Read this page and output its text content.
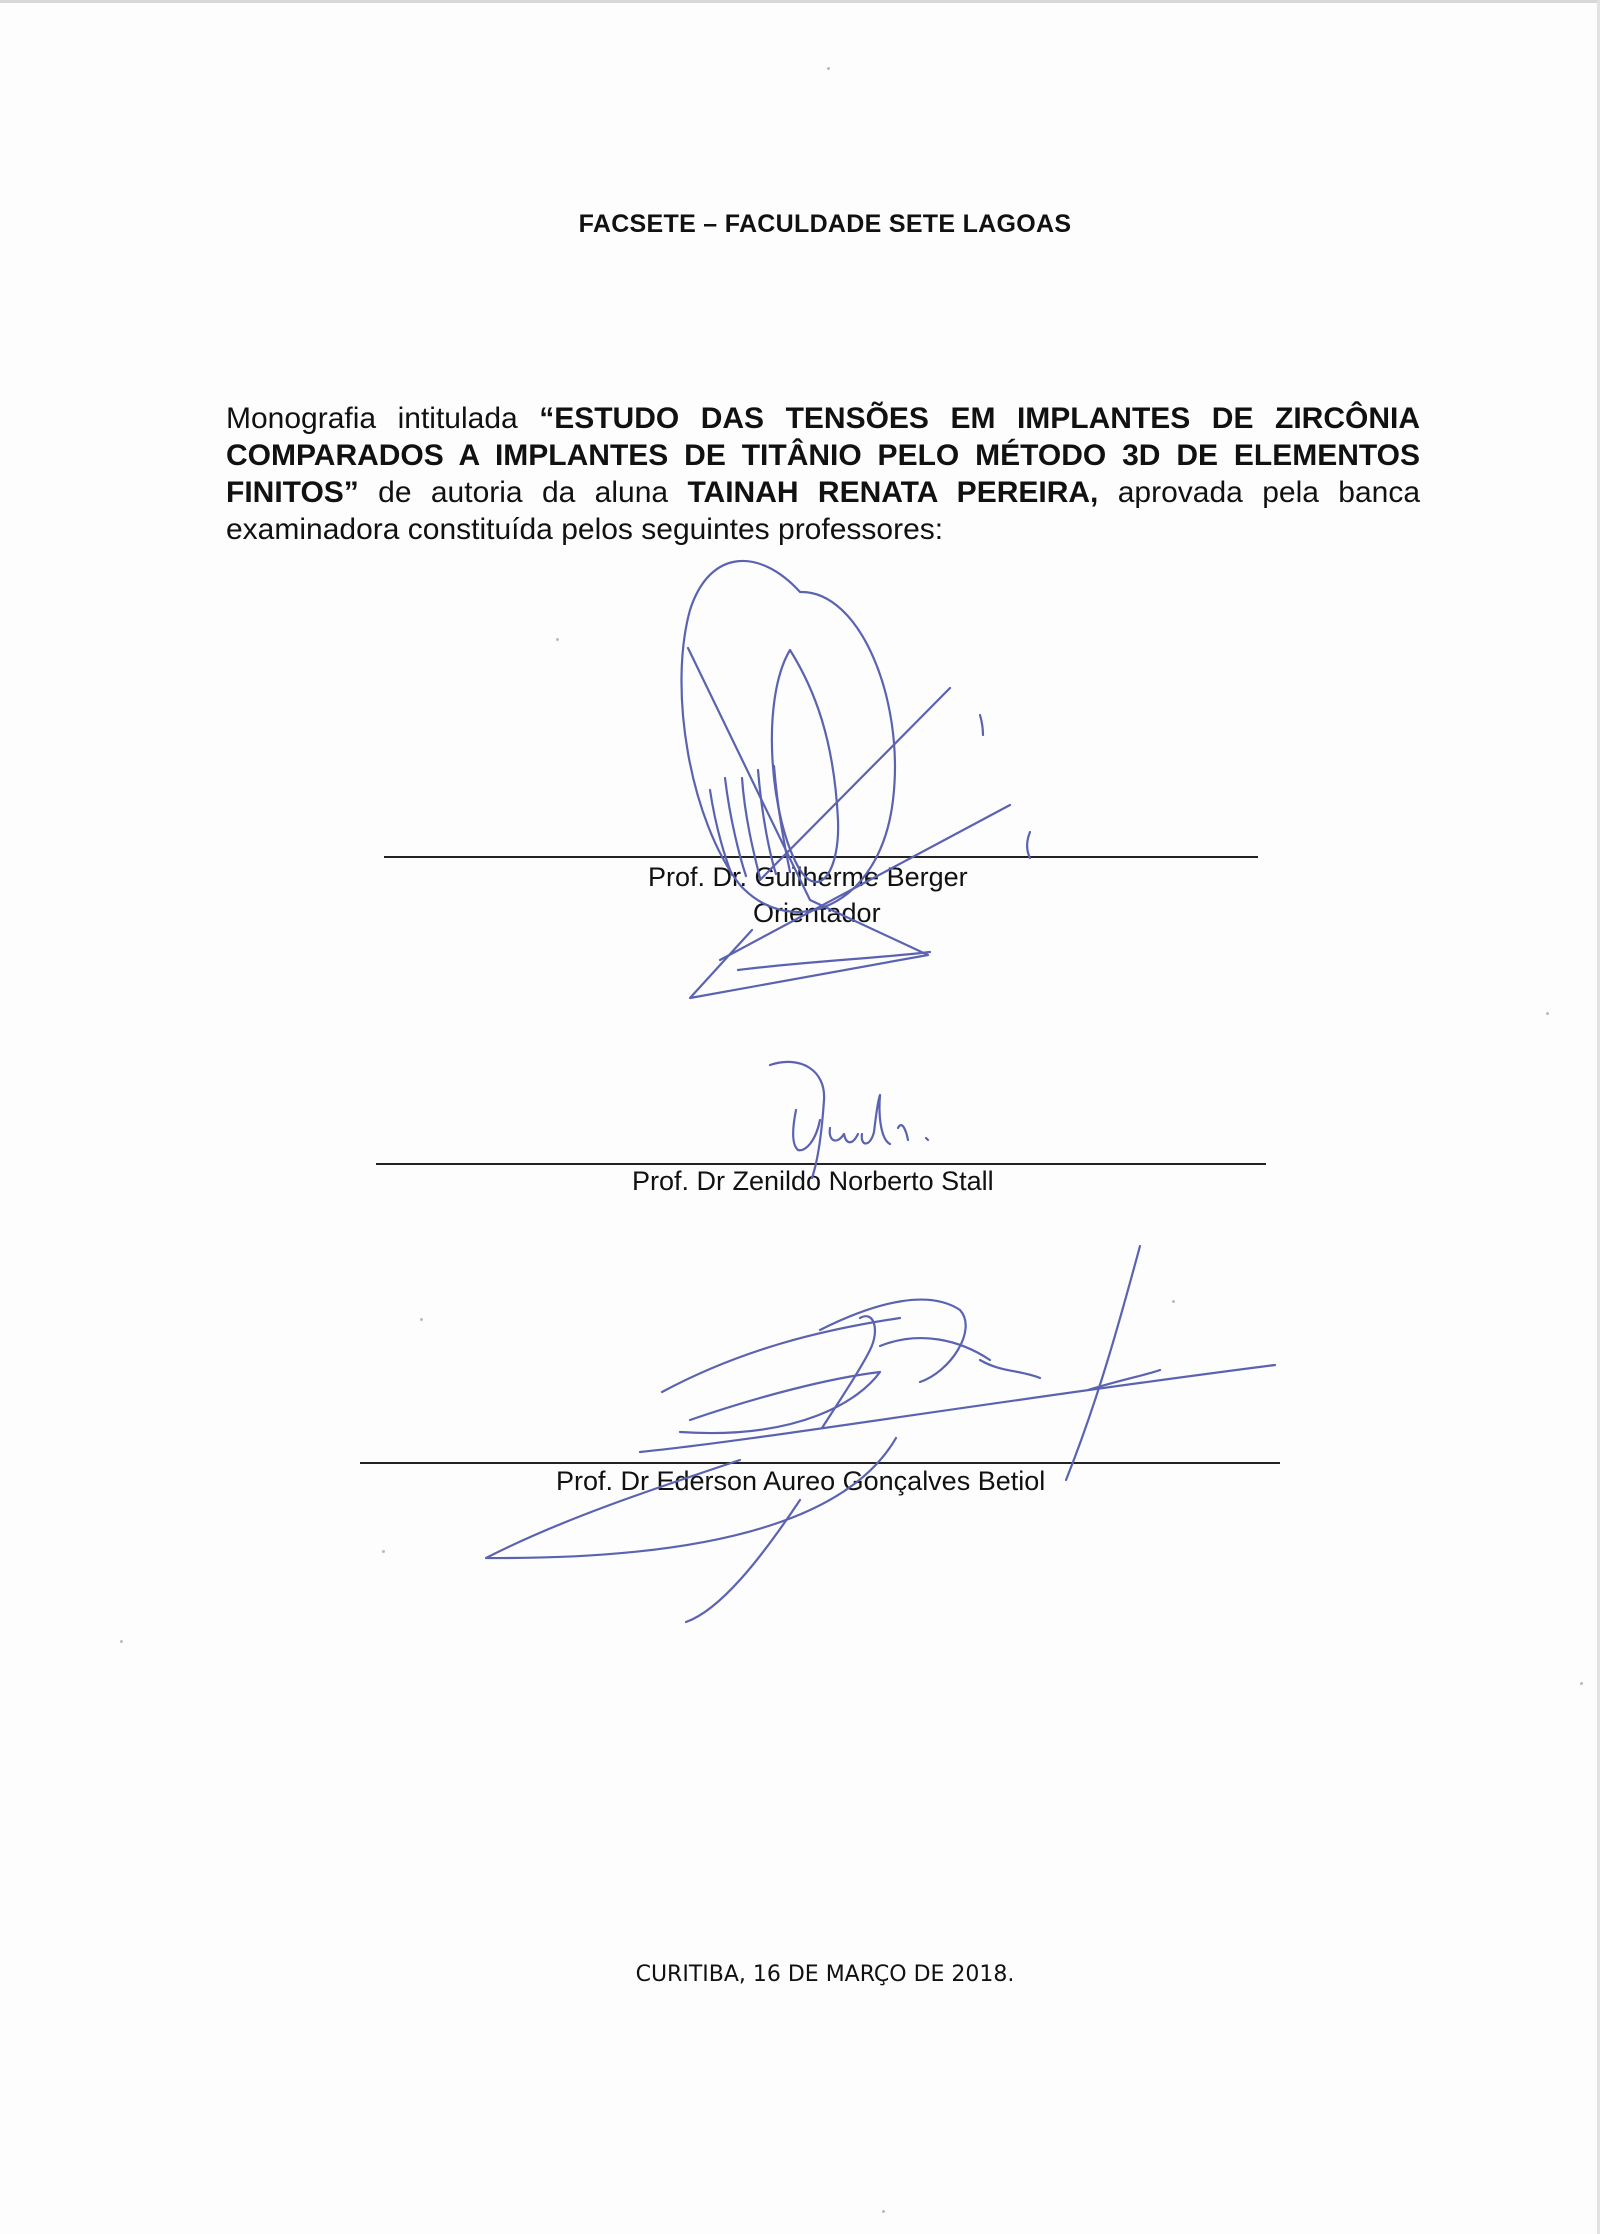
FACSETE – FACULDADE SETE LAGOAS
Monografia intitulada “ESTUDO DAS TENSÕES EM IMPLANTES DE ZIRCÔNIA COMPARADOS A IMPLANTES DE TITÂNIO PELO MÉTODO 3D DE ELEMENTOS FINITOS” de autoria da aluna TAINAH RENATA PEREIRA, aprovada pela banca examinadora constituída pelos seguintes professores:
Prof. Dr. Guilherme Berger
Orientador
Prof. Dr Zenildo Norberto Stall
Prof. Dr Ederson Aureo Gonçalves Betiol
CURITIBA, 16 DE MARÇO DE 2018.
